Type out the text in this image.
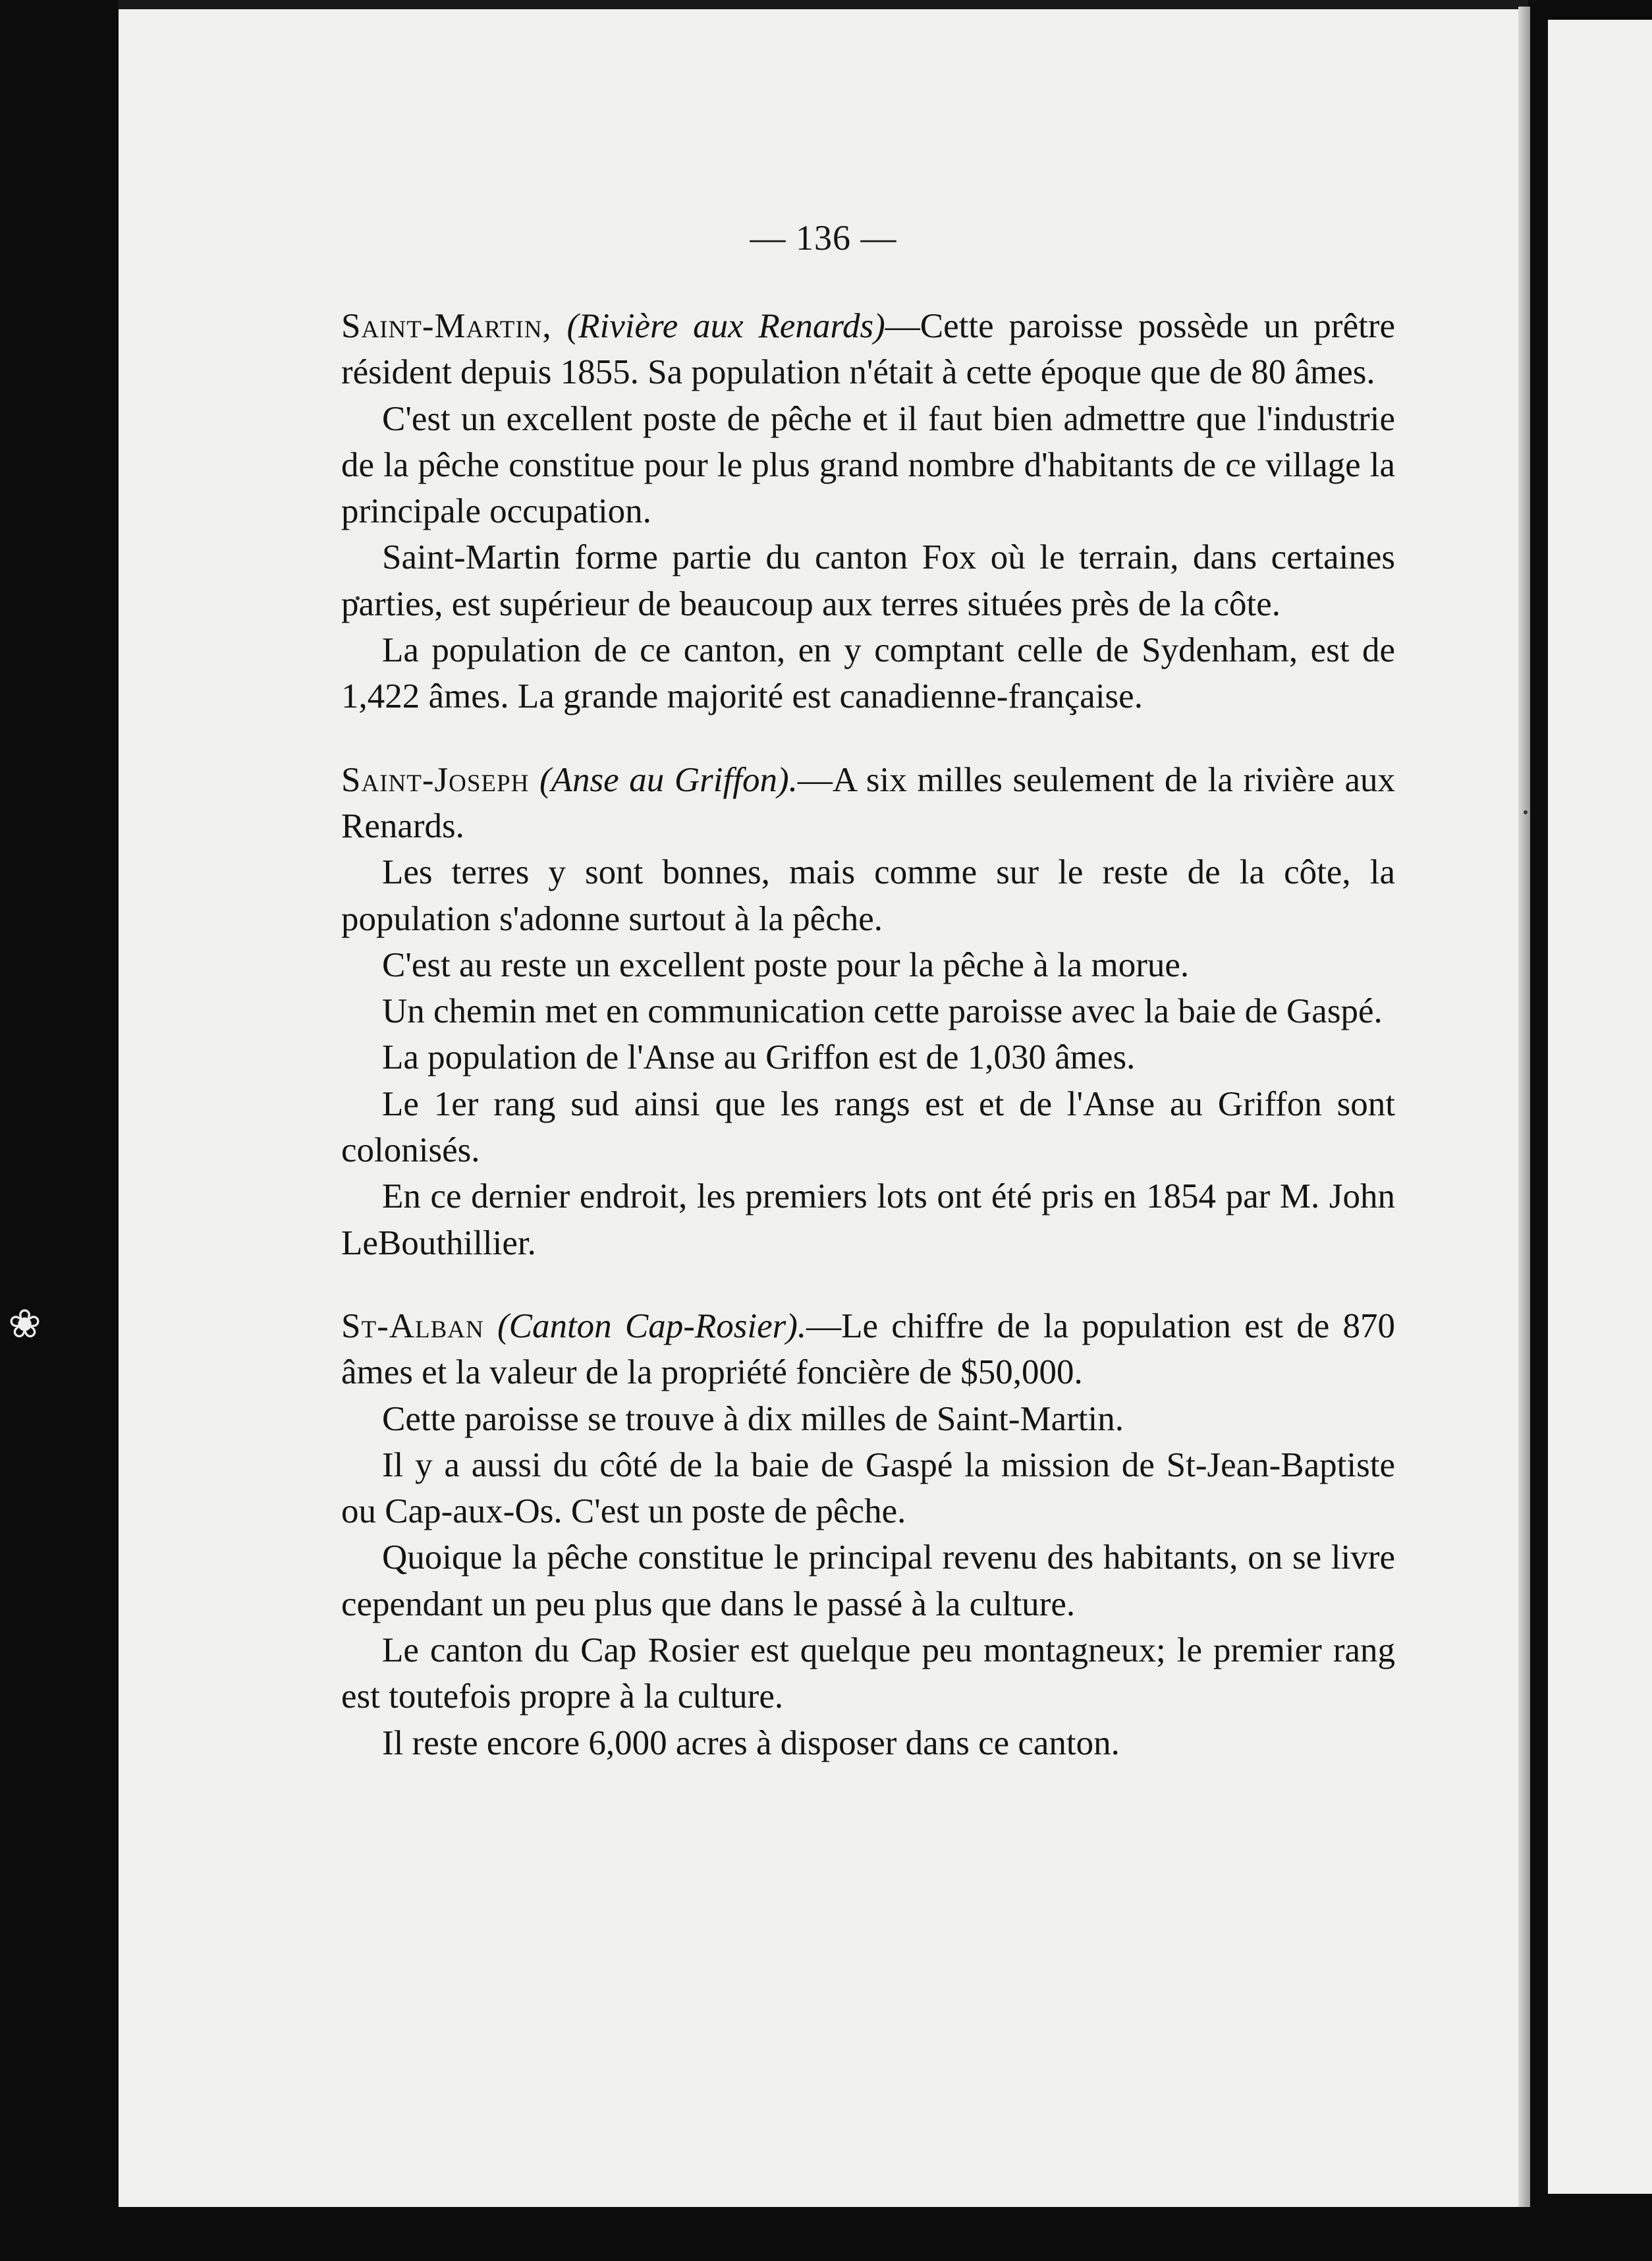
❀
— 136 —

Saint-Martin, (Rivière aux Renards)—Cette paroisse possède un prêtre résident depuis 1855. Sa population n'était à cette époque que de 80 âmes.

C'est un excellent poste de pêche et il faut bien admettre que l'industrie de la pêche constitue pour le plus grand nombre d'habitants de ce village la principale occupation.

Saint-Martin forme partie du canton Fox où le terrain, dans certaines parties, est supérieur de beaucoup aux terres situées près de la côte.

La population de ce canton, en y comptant celle de Sydenham, est de 1,422 âmes. La grande majorité est canadienne-française.

Saint-Joseph (Anse au Griffon).—A six milles seulement de la rivière aux Renards.

Les terres y sont bonnes, mais comme sur le reste de la côte, la population s'adonne surtout à la pêche.

C'est au reste un excellent poste pour la pêche à la morue.

Un chemin met en communication cette paroisse avec la baie de Gaspé.

La population de l'Anse au Griffon est de 1,030 âmes.

Le 1er rang sud ainsi que les rangs est et de l'Anse au Griffon sont colonisés.

En ce dernier endroit, les premiers lots ont été pris en 1854 par M. John LeBouthillier.

St-Alban (Canton Cap-Rosier).—Le chiffre de la population est de 870 âmes et la valeur de la propriété foncière de $50,000.

Cette paroisse se trouve à dix milles de Saint-Martin.

Il y a aussi du côté de la baie de Gaspé la mission de St-Jean-Baptiste ou Cap-aux-Os. C'est un poste de pêche.

Quoique la pêche constitue le principal revenu des habitants, on se livre cependant un peu plus que dans le passé à la culture.

Le canton du Cap Rosier est quelque peu montagneux; le premier rang est toutefois propre à la culture.

Il reste encore 6,000 acres à disposer dans ce canton.
